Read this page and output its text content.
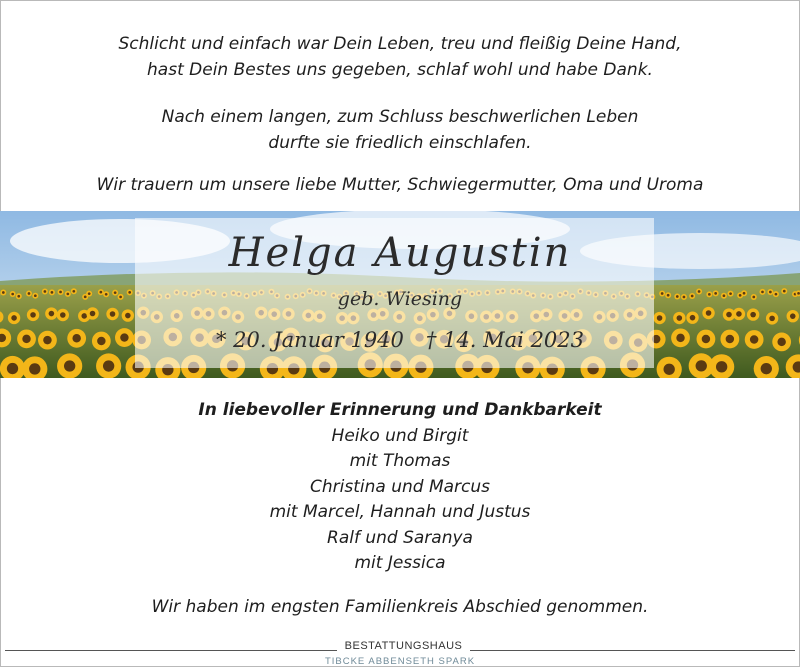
Schlicht und einfach war Dein Leben, treu und fleißig Deine Hand,

hast Dein Bestes uns gegeben, schlaf wohl und habe Dank.

Nach einem langen, zum Schluss beschwerlichen Leben

durfte sie friedlich einschlafen.

Wir trauern um unsere liebe Mutter, Schwiegermutter, Oma und Uroma

Helga Augustin
geb. Wiesing
* 20. Januar 1940 † 14. Mai 2023
In liebevoller Erinnerung und Dankbarkeit
Heiko und Birgit
mit Thomas
Christina und Marcus
mit Marcel, Hannah und Justus
Ralf und Saranya
mit Jessica
Wir haben im engsten Familienkreis Abschied genommen.
BESTATTUNGSHAUS
TIBCKE ABBENSETH SPARK
